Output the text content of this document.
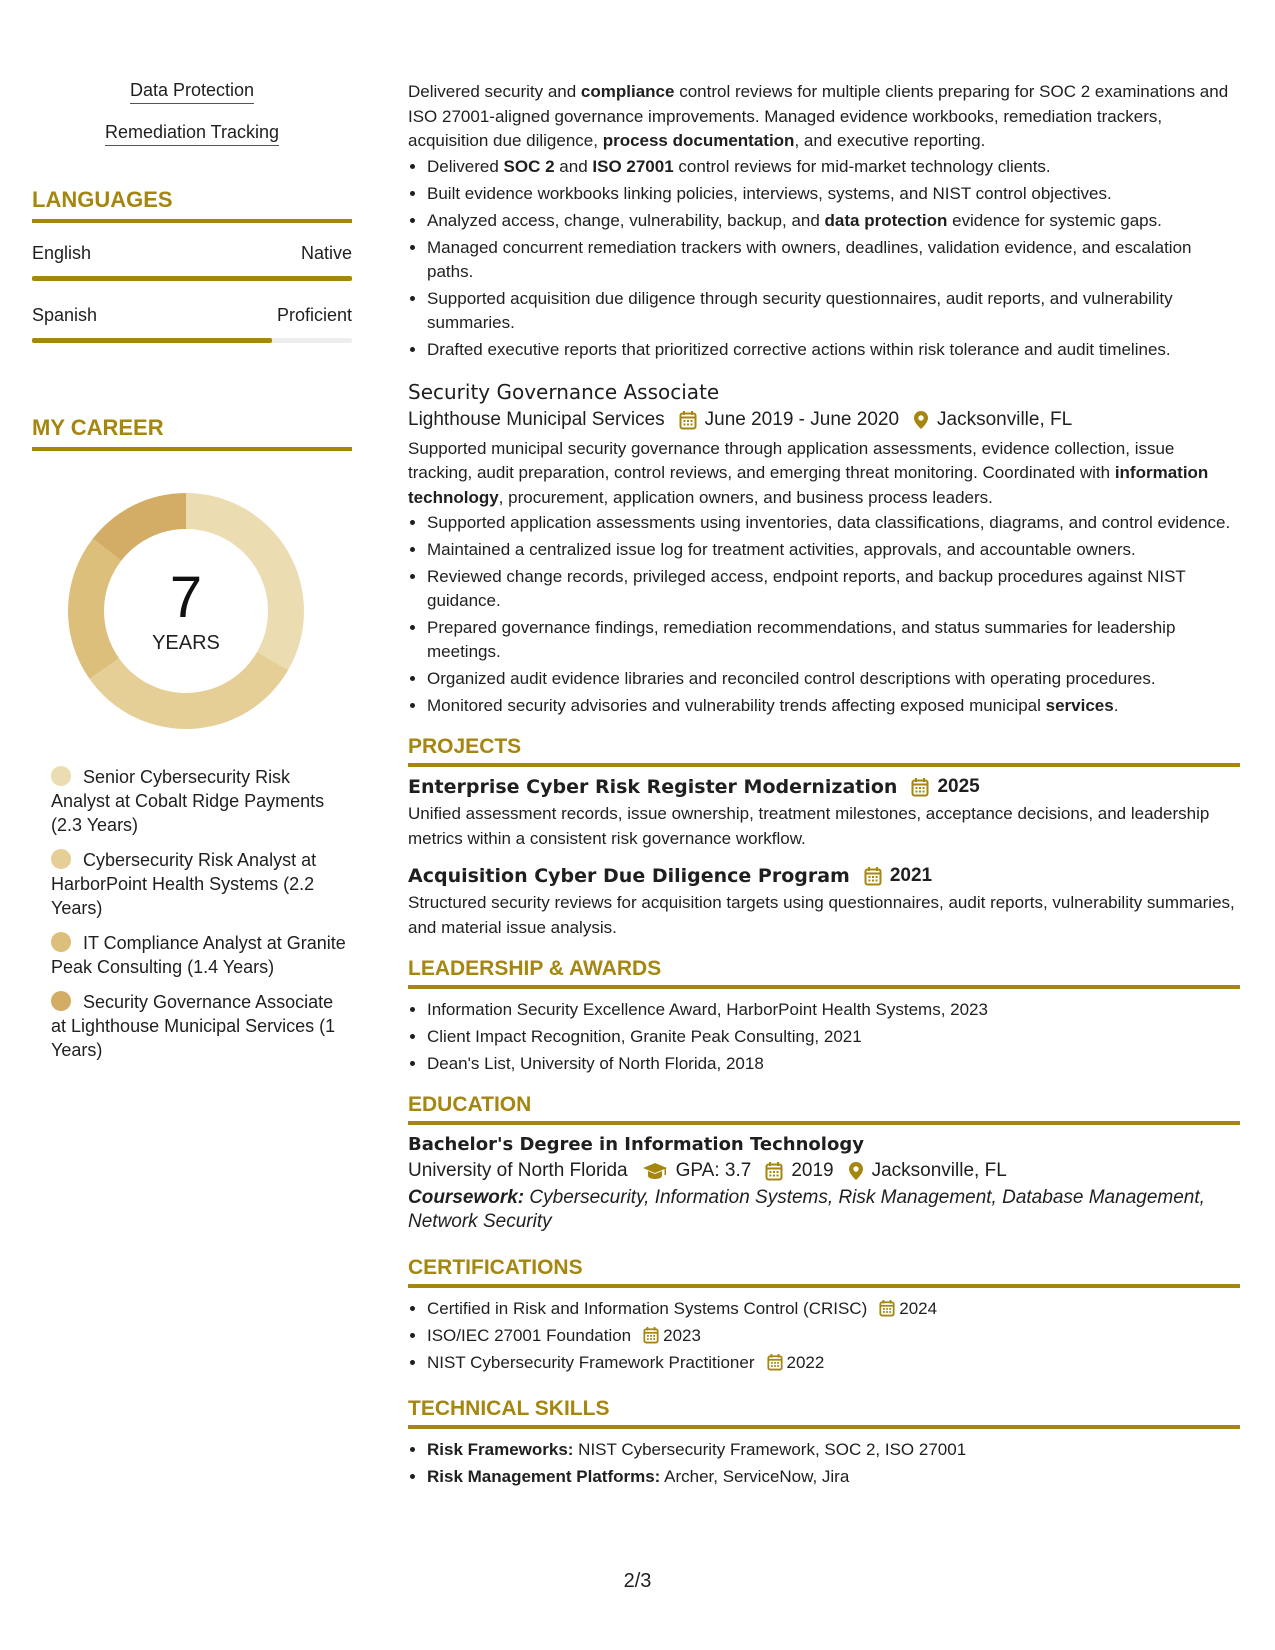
Data Protection
Remediation Tracking
LANGUAGES
English	Native
Spanish	Proficient
MY CAREER
7
YEARS
Senior Cybersecurity Risk Analyst at Cobalt Ridge Payments (2.3 Years)
Cybersecurity Risk Analyst at HarborPoint Health Systems (2.2 Years)
IT Compliance Analyst at Granite Peak Consulting (1.4 Years)
Security Governance Associate at Lighthouse Municipal Services (1 Years)
Delivered security and compliance control reviews for multiple clients preparing for SOC 2 examinations and ISO 27001-aligned governance improvements. Managed evidence workbooks, remediation trackers, acquisition due diligence, process documentation, and executive reporting.
• Delivered SOC 2 and ISO 27001 control reviews for mid-market technology clients.
• Built evidence workbooks linking policies, interviews, systems, and NIST control objectives.
• Analyzed access, change, vulnerability, backup, and data protection evidence for systemic gaps.
• Managed concurrent remediation trackers with owners, deadlines, validation evidence, and escalation paths.
• Supported acquisition due diligence through security questionnaires, audit reports, and vulnerability summaries.
• Drafted executive reports that prioritized corrective actions within risk tolerance and audit timelines.
Security Governance Associate
Lighthouse Municipal Services June 2019 - June 2020 Jacksonville, FL
Supported municipal security governance through application assessments, evidence collection, issue tracking, audit preparation, control reviews, and emerging threat monitoring. Coordinated with information technology, procurement, application owners, and business process leaders.
• Supported application assessments using inventories, data classifications, diagrams, and control evidence.
• Maintained a centralized issue log for treatment activities, approvals, and accountable owners.
• Reviewed change records, privileged access, endpoint reports, and backup procedures against NIST guidance.
• Prepared governance findings, remediation recommendations, and status summaries for leadership meetings.
• Organized audit evidence libraries and reconciled control descriptions with operating procedures.
• Monitored security advisories and vulnerability trends affecting exposed municipal services.
PROJECTS
Enterprise Cyber Risk Register Modernization 2025
Unified assessment records, issue ownership, treatment milestones, acceptance decisions, and leadership metrics within a consistent risk governance workflow.
Acquisition Cyber Due Diligence Program 2021
Structured security reviews for acquisition targets using questionnaires, audit reports, vulnerability summaries, and material issue analysis.
LEADERSHIP & AWARDS
• Information Security Excellence Award, HarborPoint Health Systems, 2023
• Client Impact Recognition, Granite Peak Consulting, 2021
• Dean's List, University of North Florida, 2018
EDUCATION
Bachelor's Degree in Information Technology
University of North Florida	GPA: 3.7 2019 Jacksonville, FL
Coursework: Cybersecurity, Information Systems, Risk Management, Database Management, Network Security
CERTIFICATIONS
• Certified in Risk and Information Systems Control (CRISC) 2024
• ISO/IEC 27001 Foundation 2023
• NIST Cybersecurity Framework Practitioner 2022
TECHNICAL SKILLS
• Risk Frameworks: NIST Cybersecurity Framework, SOC 2, ISO 27001
• Risk Management Platforms: Archer, ServiceNow, Jira
2/3
